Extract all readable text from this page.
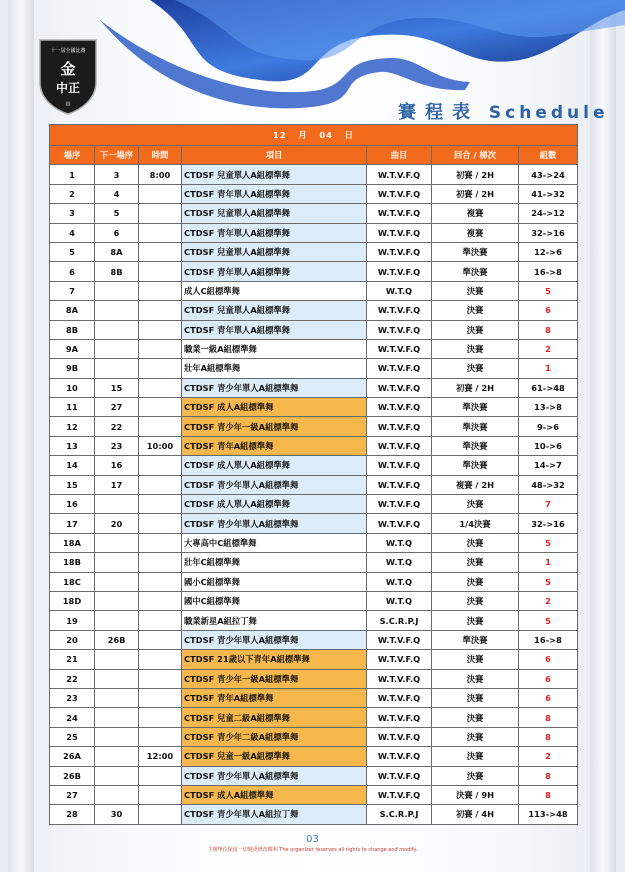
十一屆全國比賽
金
中正
III	賽程表 Schedule
12 月 04 日						
場序	下一場序	時間	項目	曲目	回合 / 梯次	組數
1	3	8:00	CTDSF 兒童單人A組標準舞	W.T.V.F.Q	初賽 / 2H	43->24
2	4		CTDSF 青年單人A組標準舞	W.T.V.F.Q	初賽 / 2H	41->32
3	5		CTDSF 兒童單人A組標準舞	W.T.V.F.Q	複賽	24->12
4	6		CTDSF 青年單人A組標準舞	W.T.V.F.Q	複賽	32->16
5	8A		CTDSF 兒童單人A組標準舞	W.T.V.F.Q	準決賽	12->6
6	8B		CTDSF 青年單人A組標準舞	W.T.V.F.Q	準決賽	16->8
7			成人C組標準舞	W.T.Q	決賽	5
8A			CTDSF 兒童單人A組標準舞	W.T.V.F.Q	決賽	6
8B			CTDSF 青年單人A組標準舞	W.T.V.F.Q	決賽	8
9A			職業一級A組標準舞	W.T.V.F.Q	決賽	2
9B			壯年A組標準舞	W.T.V.F.Q	決賽	1
10	15		CTDSF 青少年單人A組標準舞	W.T.V.F.Q	初賽 / 2H	61->48
11	27		CTDSF 成人A組標準舞	W.T.V.F.Q	準決賽	13->8
12	22		CTDSF 青少年一級A組標準舞	W.T.V.F.Q	準決賽	9->6
13	23	10:00	CTDSF 青年A組標準舞	W.T.V.F.Q	準決賽	10->6
14	16		CTDSF 成人單人A組標準舞	W.T.V.F.Q	準決賽	14->7
15	17		CTDSF 青少年單人A組標準舞	W.T.V.F.Q	複賽 / 2H	48->32
16			CTDSF 成人單人A組標準舞	W.T.V.F.Q	決賽	7
17	20		CTDSF 青少年單人A組標準舞	W.T.V.F.Q	1/4決賽	32->16
18A			大專高中C組標準舞	W.T.Q	決賽	5
18B			壯年C組標準舞	W.T.Q	決賽	1
18C			國小C組標準舞	W.T.Q	決賽	5
18D			國中C組標準舞	W.T.Q	決賽	2
19			職業新星A組拉丁舞	S.C.R.P.J	決賽	5
20	26B		CTDSF 青少年單人A組標準舞	W.T.V.F.Q	準決賽	16->8
21			CTDSF 21歲以下青年A組標準舞	W.T.V.F.Q	決賽	6
22			CTDSF 青少年一級A組標準舞	W.T.V.F.Q	決賽	6
23			CTDSF 青年A組標準舞	W.T.V.F.Q	決賽	6
24			CTDSF 兒童二級A組標準舞	W.T.V.F.Q	決賽	8
25			CTDSF 青少年二級A組標準舞	W.T.V.F.Q	決賽	8
26A		12:00	CTDSF 兒童一級A組標準舞	W.T.V.F.Q	決賽	2
26B			CTDSF 青少年單人A組標準舞	W.T.V.F.Q	決賽	8
27			CTDSF 成人A組標準舞	W.T.V.F.Q	決賽 / 9H	8
28	30		CTDSF 青少年單人A組拉丁舞	S.C.R.P.J	初賽 / 4H	113->48
03
主辦單位保留一切變更修改權利 The organizer reserves all rights to change and modify.
